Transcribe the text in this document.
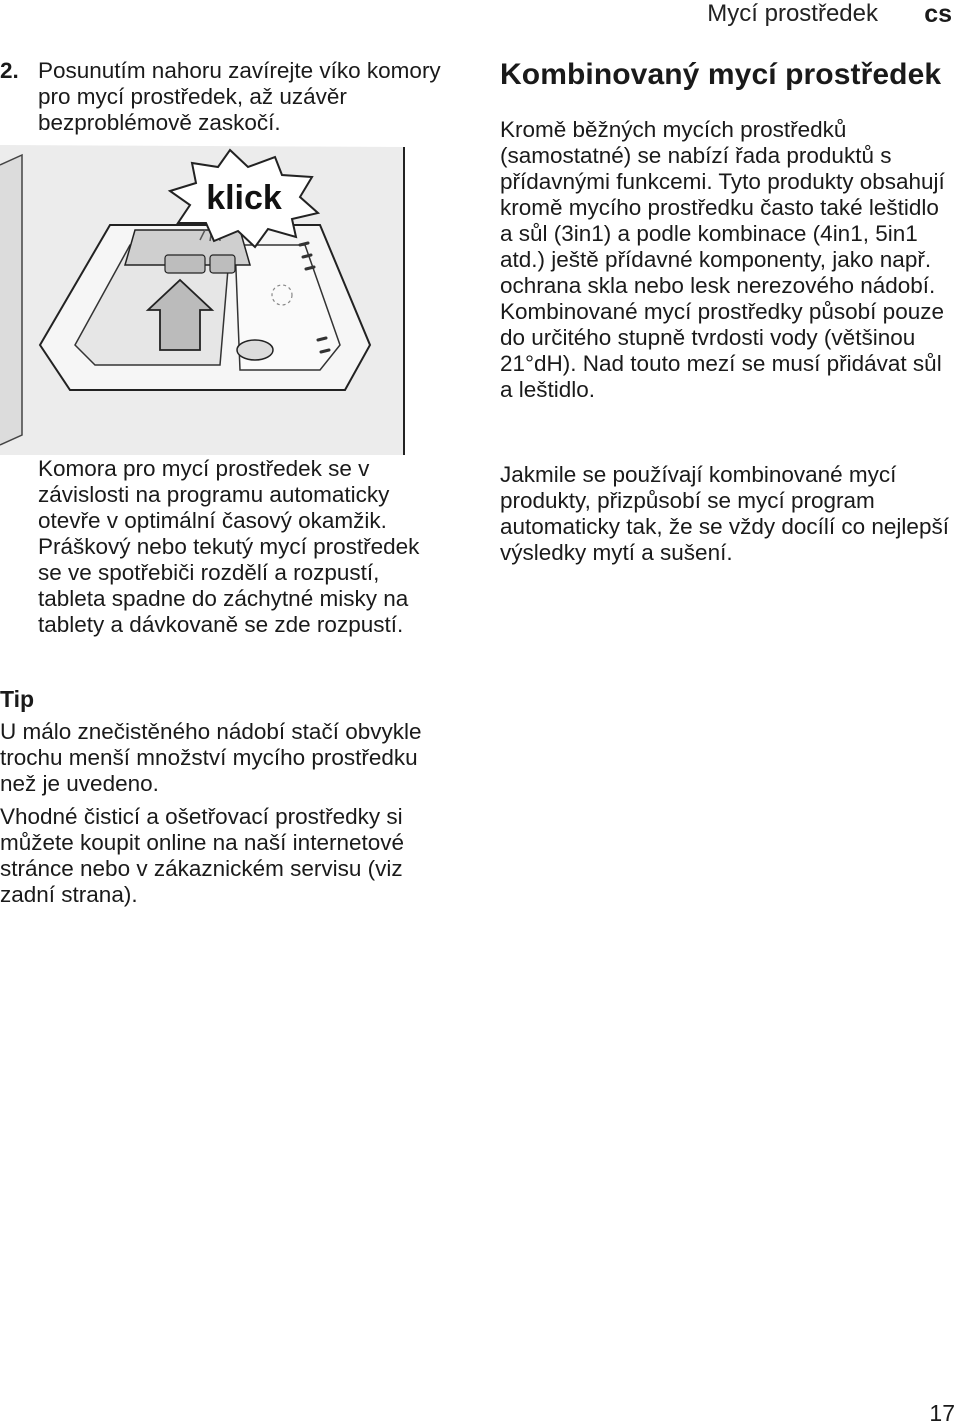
Mycí prostředek cs
2. Posunutím nahoru zavírejte víko komory pro mycí prostředek, až uzávěr bezproblémově zaskočí.
klick
Komora pro mycí prostředek se v závislosti na programu automaticky otevře v optimální časový okamžik. Práškový nebo tekutý mycí prostředek se ve spotřebiči rozdělí a rozpustí, tableta spadne do záchytné misky na tablety a dávkovaně se zde rozpustí.
Tip

U málo znečistěného nádobí stačí obvykle trochu menší množství mycího prostředku než je uvedeno.

Vhodné čisticí a ošetřovací prostředky si můžete koupit online na naší internetové stránce nebo v zákaznickém servisu (viz zadní strana).

Kombinovaný mycí prostředek

Kromě běžných mycích prostředků (samostatné) se nabízí řada produktů s přídavnými funkcemi. Tyto produkty obsahují kromě mycího prostředku často také leštidlo a sůl (3in1) a podle kombinace (4in1, 5in1 atd.) ještě přídavné komponenty, jako např. ochrana skla nebo lesk nerezového nádobí. Kombinované mycí prostředky působí pouze do určitého stupně tvrdosti vody (většinou 21°dH). Nad touto mezí se musí přidávat sůl a leštidlo.

Jakmile se používají kombinované mycí produkty, přizpůsobí se mycí program automaticky tak, že se vždy docílí co nejlepší výsledky mytí a sušení.

17
